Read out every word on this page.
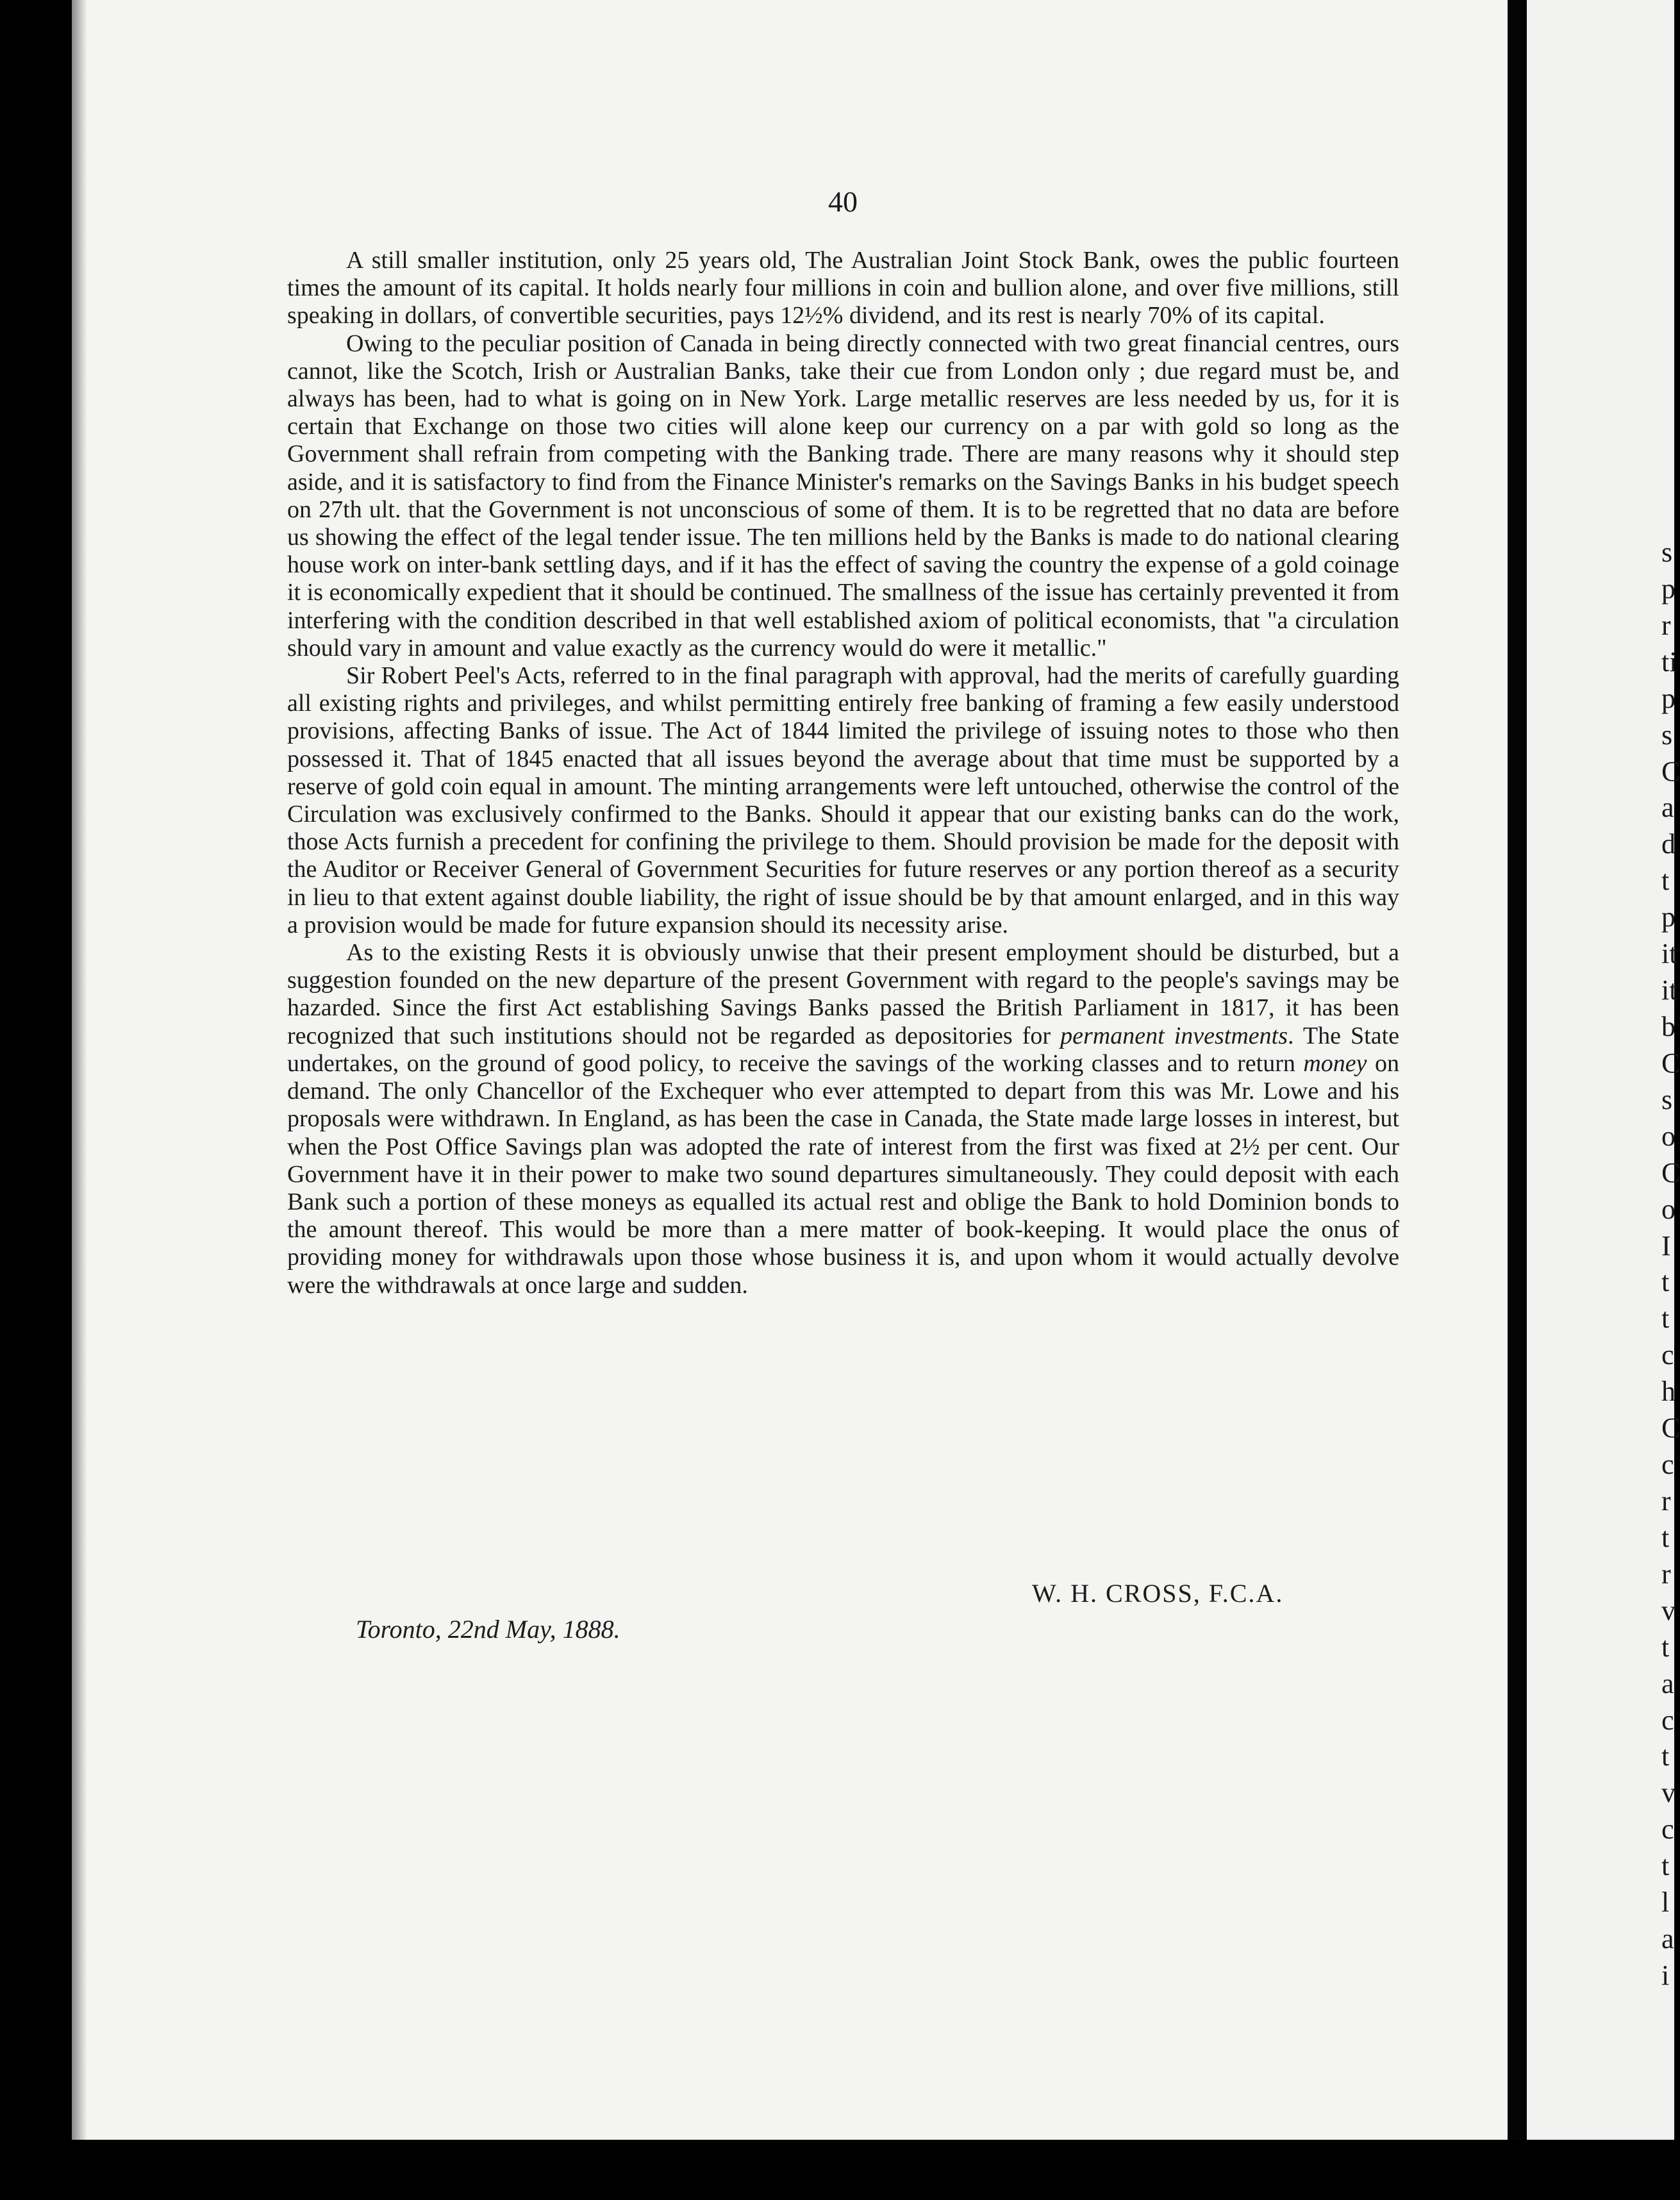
40

A still smaller institution, only 25 years old, The Australian Joint Stock Bank, owes the public fourteen times the amount of its capital. It holds nearly four millions in coin and bullion alone, and over five millions, still speaking in dollars, of convertible securities, pays 12½% dividend, and its rest is nearly 70% of its capital.

Owing to the peculiar position of Canada in being directly connected with two great financial centres, ours cannot, like the Scotch, Irish or Australian Banks, take their cue from London only ; due regard must be, and always has been, had to what is going on in New York. Large metallic reserves are less needed by us, for it is certain that Exchange on those two cities will alone keep our currency on a par with gold so long as the Government shall refrain from competing with the Banking trade. There are many reasons why it should step aside, and it is satisfactory to find from the Finance Minister's remarks on the Savings Banks in his budget speech on 27th ult. that the Government is not unconscious of some of them. It is to be regretted that no data are before us showing the effect of the legal tender issue. The ten millions held by the Banks is made to do national clearing house work on inter-bank settling days, and if it has the effect of saving the country the expense of a gold coinage it is economically expedient that it should be continued. The smallness of the issue has certainly prevented it from interfering with the condition described in that well established axiom of political economists, that "a circulation should vary in amount and value exactly as the currency would do were it metallic."

Sir Robert Peel's Acts, referred to in the final paragraph with approval, had the merits of carefully guarding all existing rights and privileges, and whilst permitting entirely free banking of framing a few easily understood provisions, affecting Banks of issue. The Act of 1844 limited the privilege of issuing notes to those who then possessed it. That of 1845 enacted that all issues beyond the average about that time must be supported by a reserve of gold coin equal in amount. The minting arrangements were left untouched, otherwise the control of the Circulation was exclusively confirmed to the Banks. Should it appear that our existing banks can do the work, those Acts furnish a precedent for confining the privilege to them. Should provision be made for the deposit with the Auditor or Receiver General of Government Securities for future reserves or any portion thereof as a security in lieu to that extent against double liability, the right of issue should be by that amount enlarged, and in this way a provision would be made for future expansion should its necessity arise.

As to the existing Rests it is obviously unwise that their present employment should be disturbed, but a suggestion founded on the new departure of the present Government with regard to the people's savings may be hazarded. Since the first Act establishing Savings Banks passed the British Parliament in 1817, it has been recognized that such institutions should not be regarded as depositories for permanent investments. The State undertakes, on the ground of good policy, to receive the savings of the working classes and to return money on demand. The only Chancellor of the Exchequer who ever attempted to depart from this was Mr. Lowe and his proposals were withdrawn. In England, as has been the case in Canada, the State made large losses in interest, but when the Post Office Savings plan was adopted the rate of interest from the first was fixed at 2½ per cent. Our Government have it in their power to make two sound departures simultaneously. They could deposit with each Bank such a portion of these moneys as equalled its actual rest and oblige the Bank to hold Dominion bonds to the amount thereof. This would be more than a mere matter of book-keeping. It would place the onus of providing money for withdrawals upon those whose business it is, and upon whom it would actually devolve were the withdrawals at once large and sudden.

W. H. CROSS, F.C.A.
Toronto, 22nd May, 1888.
s
p
r
ti
p
s
C
a
d
t
p
it
it
b
C
s
o
C
o
I
t
t
c
h
C
c
r
t
r
v
t
a
c
t
v
c
t
l
a
i
